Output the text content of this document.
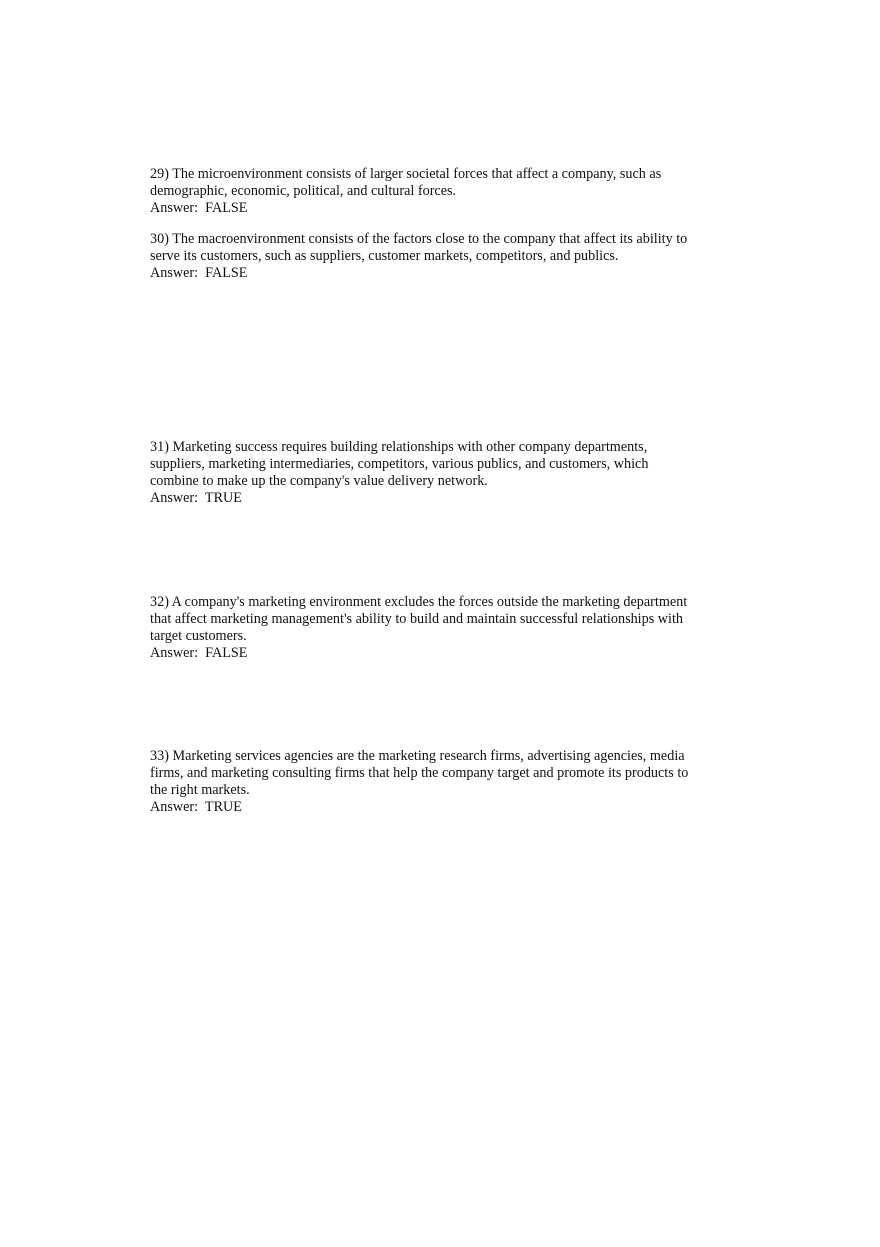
29) The microenvironment consists of larger societal forces that affect a company, such as
demographic, economic, political, and cultural forces.
Answer:  FALSE
30) The macroenvironment consists of the factors close to the company that affect its ability to
serve its customers, such as suppliers, customer markets, competitors, and publics.
Answer:  FALSE
31) Marketing success requires building relationships with other company departments,
suppliers, marketing intermediaries, competitors, various publics, and customers, which
combine to make up the company's value delivery network.
Answer:  TRUE
32) A company's marketing environment excludes the forces outside the marketing department
that affect marketing management's ability to build and maintain successful relationships with
target customers.
Answer:  FALSE
33) Marketing services agencies are the marketing research firms, advertising agencies, media
firms, and marketing consulting firms that help the company target and promote its products to
the right markets.
Answer:  TRUE
